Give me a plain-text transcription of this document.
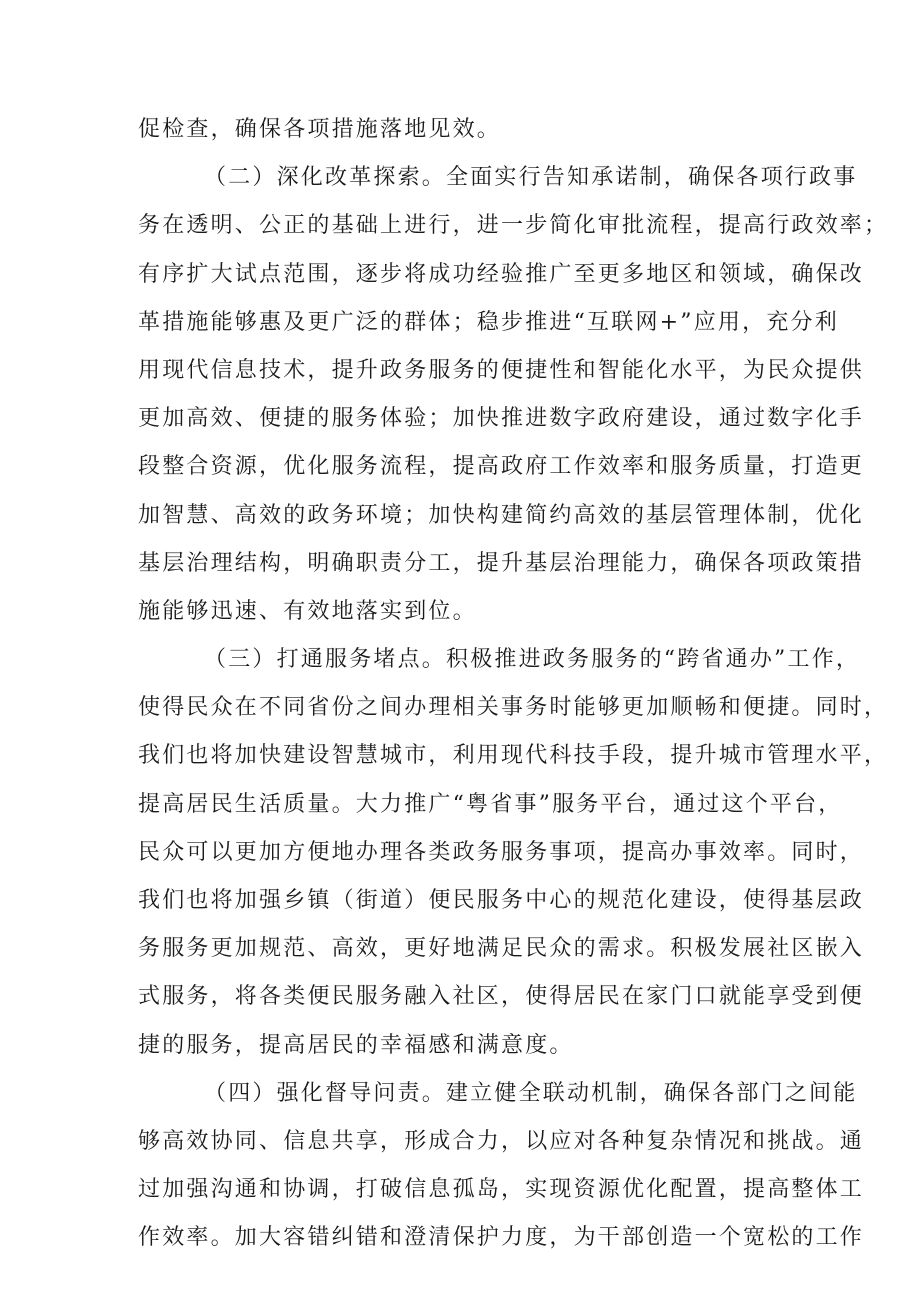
促检查，确保各项措施落地见效。
（二）深化改革探索。全面实行告知承诺制，确保各项行政事
务在透明、公正的基础上进行，进一步简化审批流程，提高行政效率；
有序扩大试点范围，逐步将成功经验推广至更多地区和领域，确保改
革措施能够惠及更广泛的群体；稳步推进“互联网+”应用，充分利
用现代信息技术，提升政务服务的便捷性和智能化水平，为民众提供
更加高效、便捷的服务体验；加快推进数字政府建设，通过数字化手
段整合资源，优化服务流程，提高政府工作效率和服务质量，打造更
加智慧、高效的政务环境；加快构建简约高效的基层管理体制，优化
基层治理结构，明确职责分工，提升基层治理能力，确保各项政策措
施能够迅速、有效地落实到位。
（三）打通服务堵点。积极推进政务服务的“跨省通办”工作，
使得民众在不同省份之间办理相关事务时能够更加顺畅和便捷。同时，
我们也将加快建设智慧城市，利用现代科技手段，提升城市管理水平，
提高居民生活质量。大力推广“粤省事”服务平台，通过这个平台，
民众可以更加方便地办理各类政务服务事项，提高办事效率。同时，
我们也将加强乡镇（街道）便民服务中心的规范化建设，使得基层政
务服务更加规范、高效，更好地满足民众的需求。积极发展社区嵌入
式服务，将各类便民服务融入社区，使得居民在家门口就能享受到便
捷的服务，提高居民的幸福感和满意度。
（四）强化督导问责。建立健全联动机制，确保各部门之间能
够高效协同、信息共享，形成合力，以应对各种复杂情况和挑战。通
过加强沟通和协调，打破信息孤岛，实现资源优化配置，提高整体工
作效率。加大容错纠错和澄清保护力度，为干部创造一个宽松的工作
